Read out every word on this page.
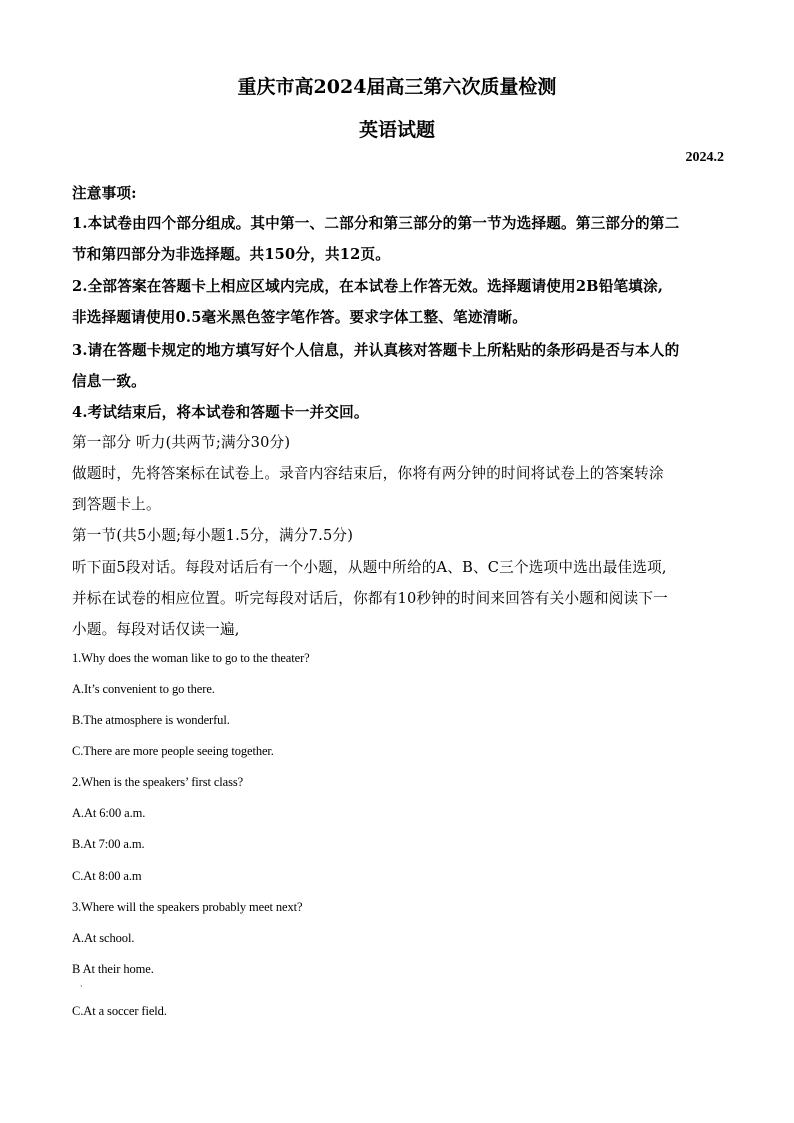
重庆市高2024届高三第六次质量检测
英语试题
2024.2
注意事项:
1.本试卷由四个部分组成。其中第一、二部分和第三部分的第一节为选择题。第三部分的第二
节和第四部分为非选择题。共150分，共12页。
2.全部答案在答题卡上相应区域内完成，在本试卷上作答无效。选择题请使用2B铅笔填涂,
非选择题请使用0.5毫米黑色签字笔作答。要求字体工整、笔迹清晰。
3.请在答题卡规定的地方填写好个人信息，并认真核对答题卡上所粘贴的条形码是否与本人的
信息一致。
4.考试结束后，将本试卷和答题卡一并交回。
第一部分 听力(共两节;满分30分)
做题时，先将答案标在试卷上。录音内容结束后，你将有两分钟的时间将试卷上的答案转涂
到答题卡上。
第一节(共5小题;每小题1.5分，满分7.5分)
听下面5段对话。每段对话后有一个小题，从题中所给的A、B、C三个选项中选出最佳选项,
并标在试卷的相应位置。听完每段对话后，你都有10秒钟的时间来回答有关小题和阅读下一
小题。每段对话仅读一遍,
1.Why does the woman like to go to the theater?
A.It’s convenient to go there.
B.The atmosphere is wonderful.
C.There are more people seeing together.
2.When is the speakers’ first class?
A.At 6:00 a.m.
B.At 7:00 a.m.
C.At 8:00 a.m
3.Where will the speakers probably meet next?
A.At school.
B At their home.
·
C.At a soccer field.
